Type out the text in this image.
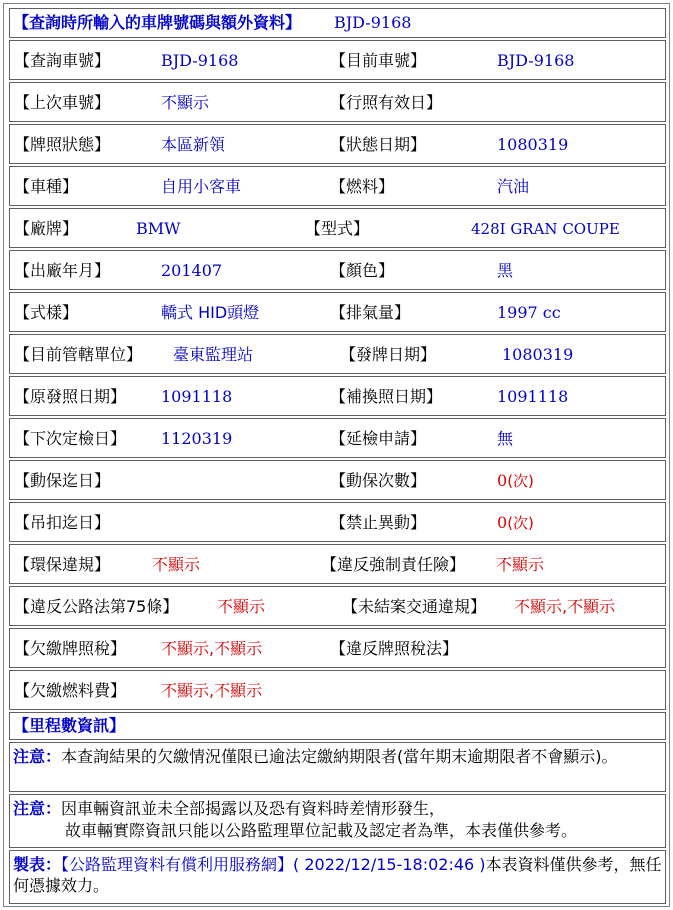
【查詢時所輸入的車牌號碼與額外資料】 BJD-9168
【查詢車號】	BJD-9168	【目前車號】	BJD-9168
【上次車號】	不顯示	【行照有效日】
【牌照狀態】	本區新領	【狀態日期】	1080319
【車種】	自用小客車	【燃料】	汽油
【廠牌】	BMW	【型式】	428I GRAN COUPE
【出廠年月】	201407	【顏色】	黑
【式樣】	轎式 HID頭燈	【排氣量】	1997 cc
【目前管轄單位】 臺東監理站	【發牌日期】	1080319
【原發照日期】 1091118	【補換照日期】	1091118
【下次定檢日】 1120319	【延檢申請】	無
【動保迄日】	【動保次數】	0(次)
【吊扣迄日】	【禁止異動】	0(次)
【環保違規】	不顯示	【違反強制責任險】 不顯示
【違反公路法第75條】 不顯示	【未結案交通違規】 不顯示,不顯示
【欠繳牌照稅】 不顯示,不顯示	【違反牌照稅法】
【欠繳燃料費】 不顯示,不顯示
【里程數資訊】
注意：本查詢結果的欠繳情況僅限已逾法定繳納期限者(當年期末逾期限者不會顯示)。
注意：因車輛資訊並未全部揭露以及恐有資料時差情形發生，
故車輛實際資訊只能以公路監理單位記載及認定者為準，本表僅供參考。
製表：【公路監理資料有償利用服務網】( 2022/12/15-18:02:46 )本表資料僅供參考，無任何憑據效力。
